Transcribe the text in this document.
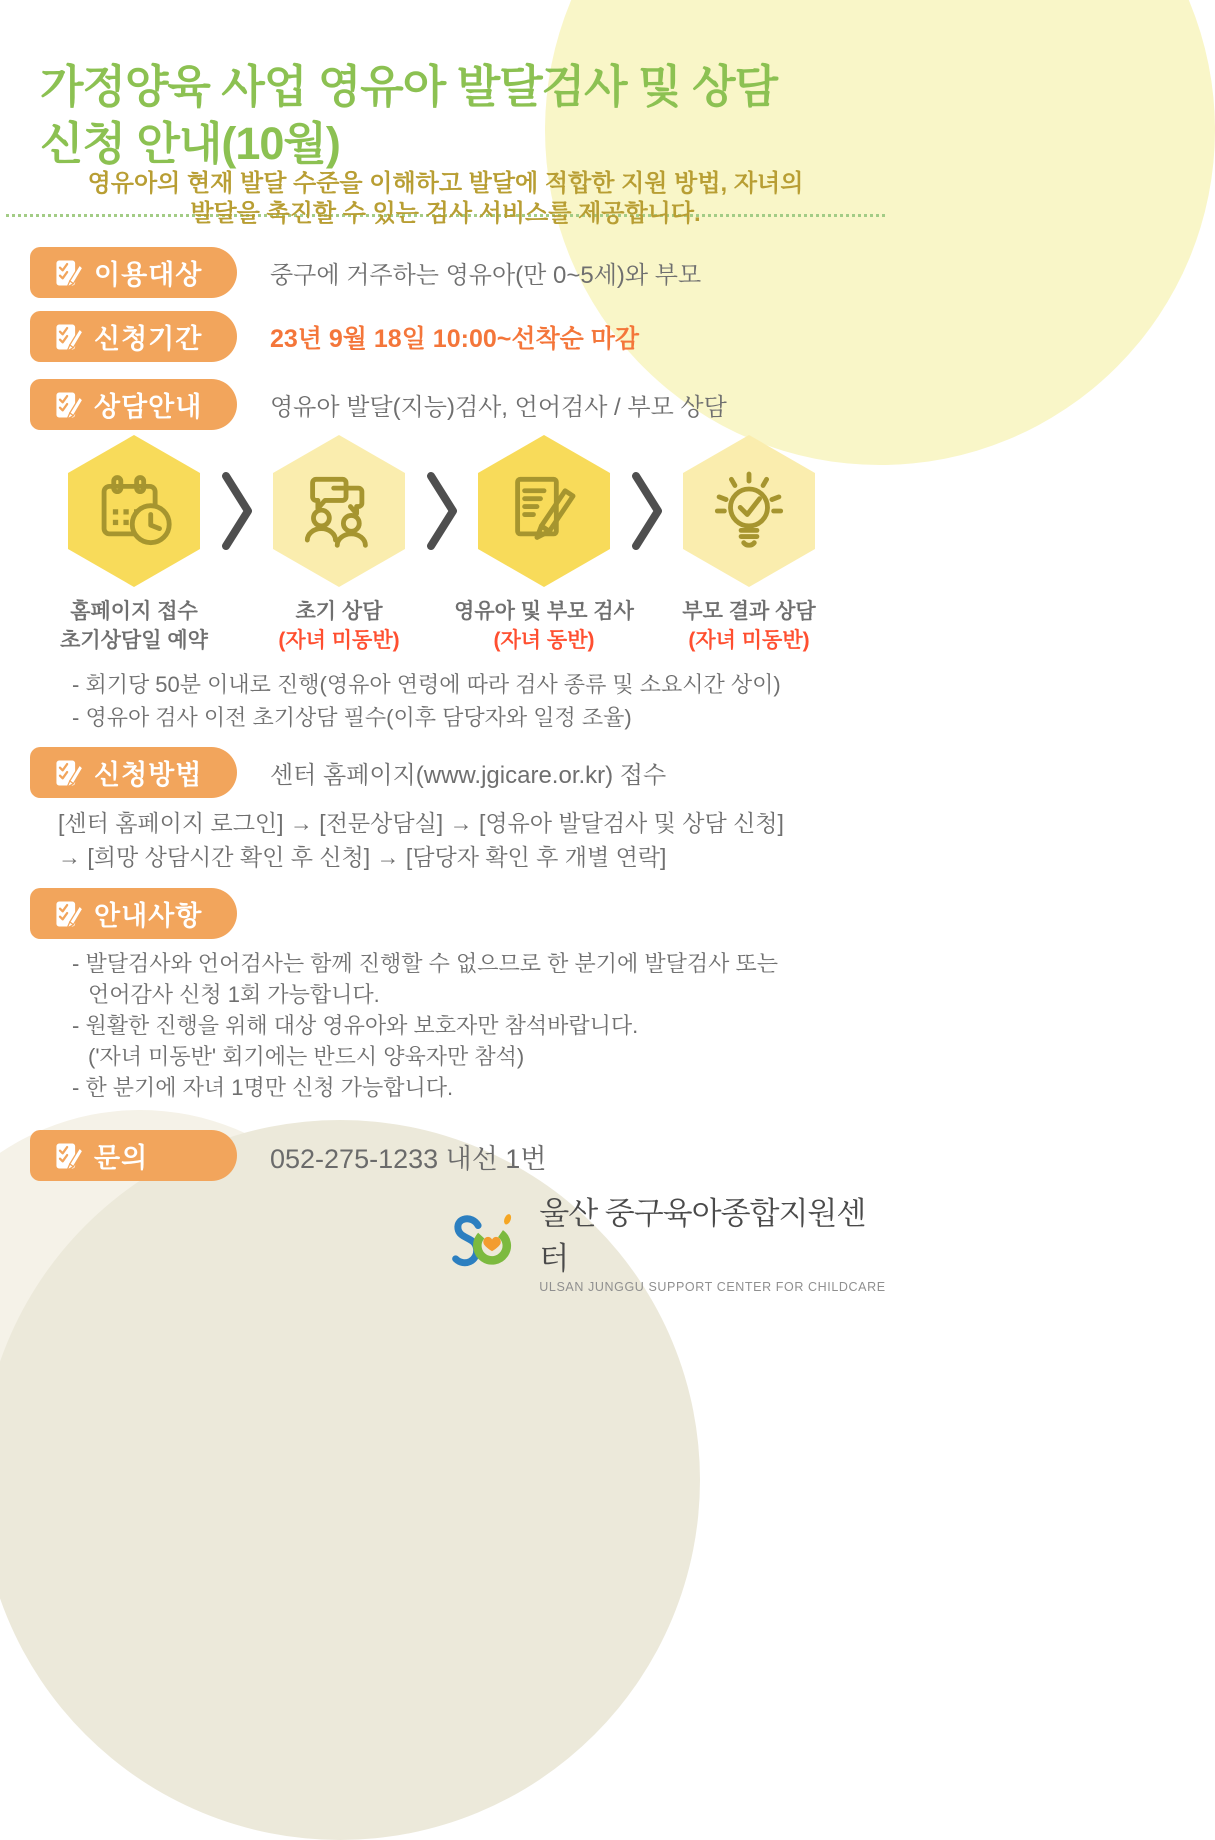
가정양육 사업 영유아 발달검사 및 상담
신청 안내(10월)
영유아의 현재 발달 수준을 이해하고 발달에 적합한 지원 방법, 자녀의
발달을 촉진할 수 있는 검사 서비스를 제공합니다.
이용대상	중구에 거주하는 영유아(만 0~5세)와 부모
신청기간	23년 9월 18일 10:00~선착순 마감
상담안내	영유아 발달(지능)검사, 언어검사 / 부모 상담
홈페이지 접수
초기상담일 예약
초기 상담
(자녀 미동반)
영유아 및 부모 검사
(자녀 동반)
부모 결과 상담
(자녀 미동반)
- 회기당 50분 이내로 진행(영유아 연령에 따라 검사 종류 및 소요시간 상이)
- 영유아 검사 이전 초기상담 필수(이후 담당자와 일정 조율)
신청방법	센터 홈페이지(www.jgicare.or.kr) 접수
[센터 홈페이지 로그인] → [전문상담실] → [영유아 발달검사 및 상담 신청]
→ [희망 상담시간 확인 후 신청] → [담당자 확인 후 개별 연락]
안내사항
- 발달검사와 언어검사는 함께 진행할 수 없으므로 한 분기에 발달검사 또는
언어감사 신청 1회 가능합니다.
- 원활한 진행을 위해 대상 영유아와 보호자만 참석바랍니다.
('자녀 미동반' 회기에는 반드시 양육자만 참석)
- 한 분기에 자녀 1명만 신청 가능합니다.
문의	052-275-1233 내선 1번
울산 중구육아종합지원센터
ULSAN JUNGGU SUPPORT CENTER FOR CHILDCARE
